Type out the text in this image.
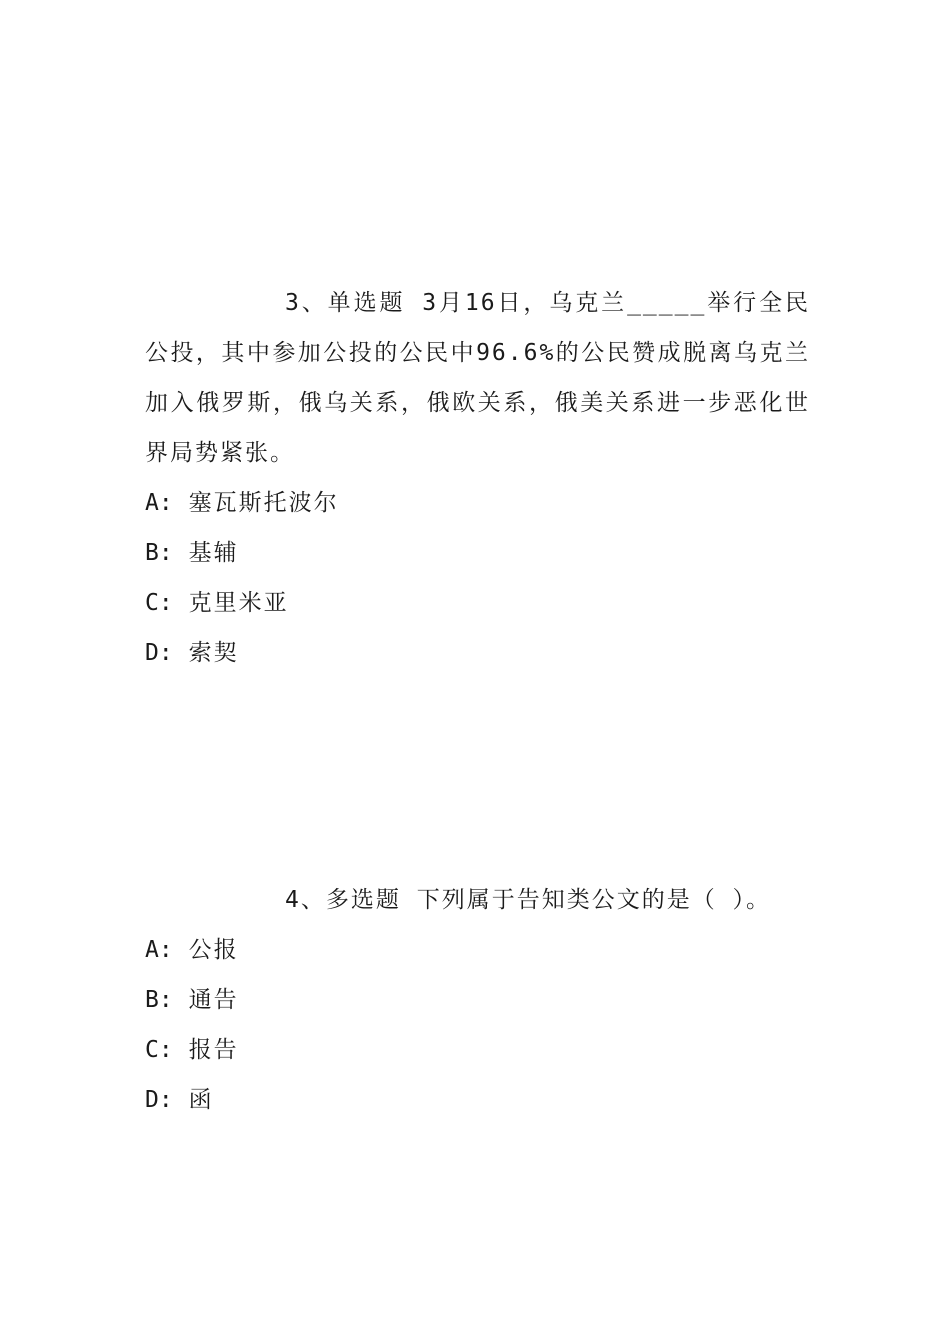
3、单选题 3月16日，乌克兰_____举行全民公投，其中参加公投的公民中96.6%的公民赞成脱离乌克兰加入俄罗斯，俄乌关系，俄欧关系，俄美关系进一步恶化世界局势紧张。

A: 塞瓦斯托波尔
B: 基辅
C: 克里米亚
D: 索契

4、多选题 下列属于告知类公文的是（ ）。

A: 公报
B: 通告
C: 报告
D: 函
